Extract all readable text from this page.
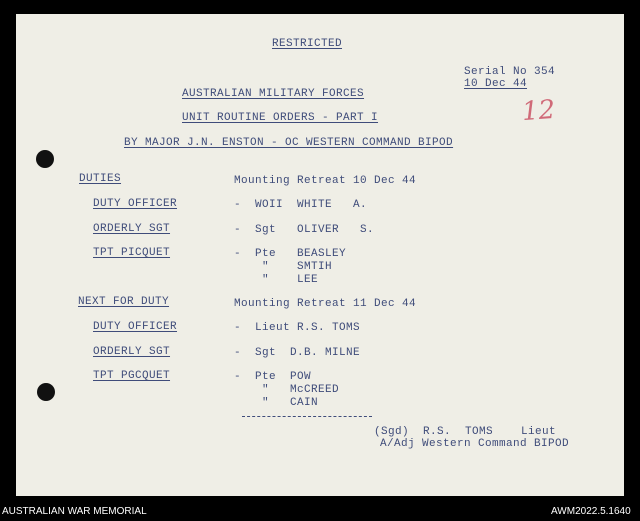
RESTRICTED
Serial No 354
10 Dec 44
12
AUSTRALIAN MILITARY FORCES
UNIT ROUTINE ORDERS - PART I
BY MAJOR J.N. ENSTON - OC WESTERN COMMAND BIPOD
DUTIES	Mounting Retreat 10 Dec 44
DUTY OFFICER	-  WOII  WHITE   A.
ORDERLY SGT	-  Sgt   OLIVER   S.
TPT PICQUET	-  Pte   BEASLEY
"    SMTIH
"    LEE
NEXT FOR DUTY	Mounting Retreat 11 Dec 44
DUTY OFFICER	-  Lieut R.S. TOMS
ORDERLY SGT	-  Sgt  D.B. MILNE
TPT PGCQUET	-  Pte  POW
"   McCREED
"   CAIN
(Sgd)  R.S.  TOMS    Lieut
A/Adj Western Command BIPOD
AUSTRALIAN WAR MEMORIAL	AWM2022.5.1640
